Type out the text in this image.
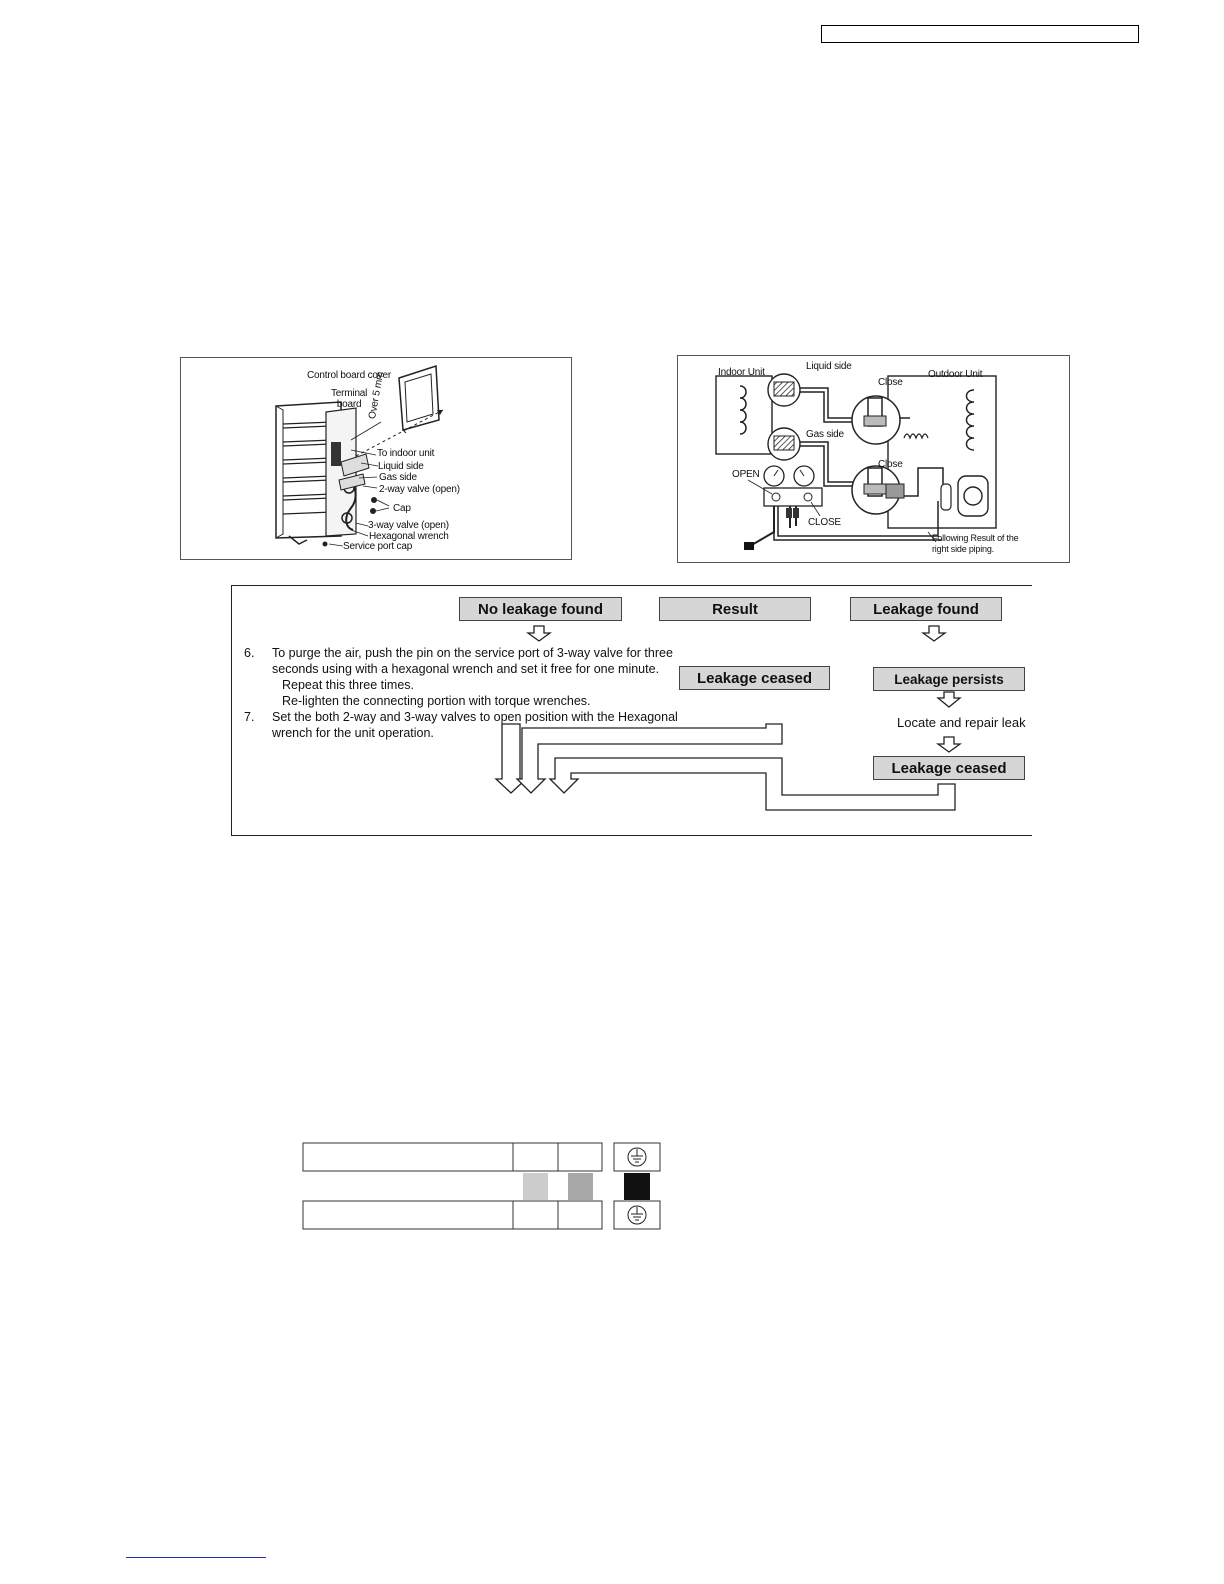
Control board cover
Terminal
board Over 5 mm
To indoor unit
Liquid side
Gas side
2-way valve (open)
Cap
3-way valve (open)
Hexagonal wrench
Service port cap
Indoor Unit
Liquid side
Outdoor Unit
Close
Gas side
Close
OPEN
CLOSE
Following Result of the
right side piping.
No leakage found	Result	Leakage found
Leakage ceased	Leakage persists
Locate and repair leak
Leakage ceased
6. To purge the air, push the pin on the service port of 3-way valve for three
seconds using with a hexagonal wrench and set it free for one minute.
Repeat this three times.
Re-lighten the connecting portion with torque wrenches.
7. Set the both 2-way and 3-way valves to open position with the Hexagonal
wrench for the unit operation.
